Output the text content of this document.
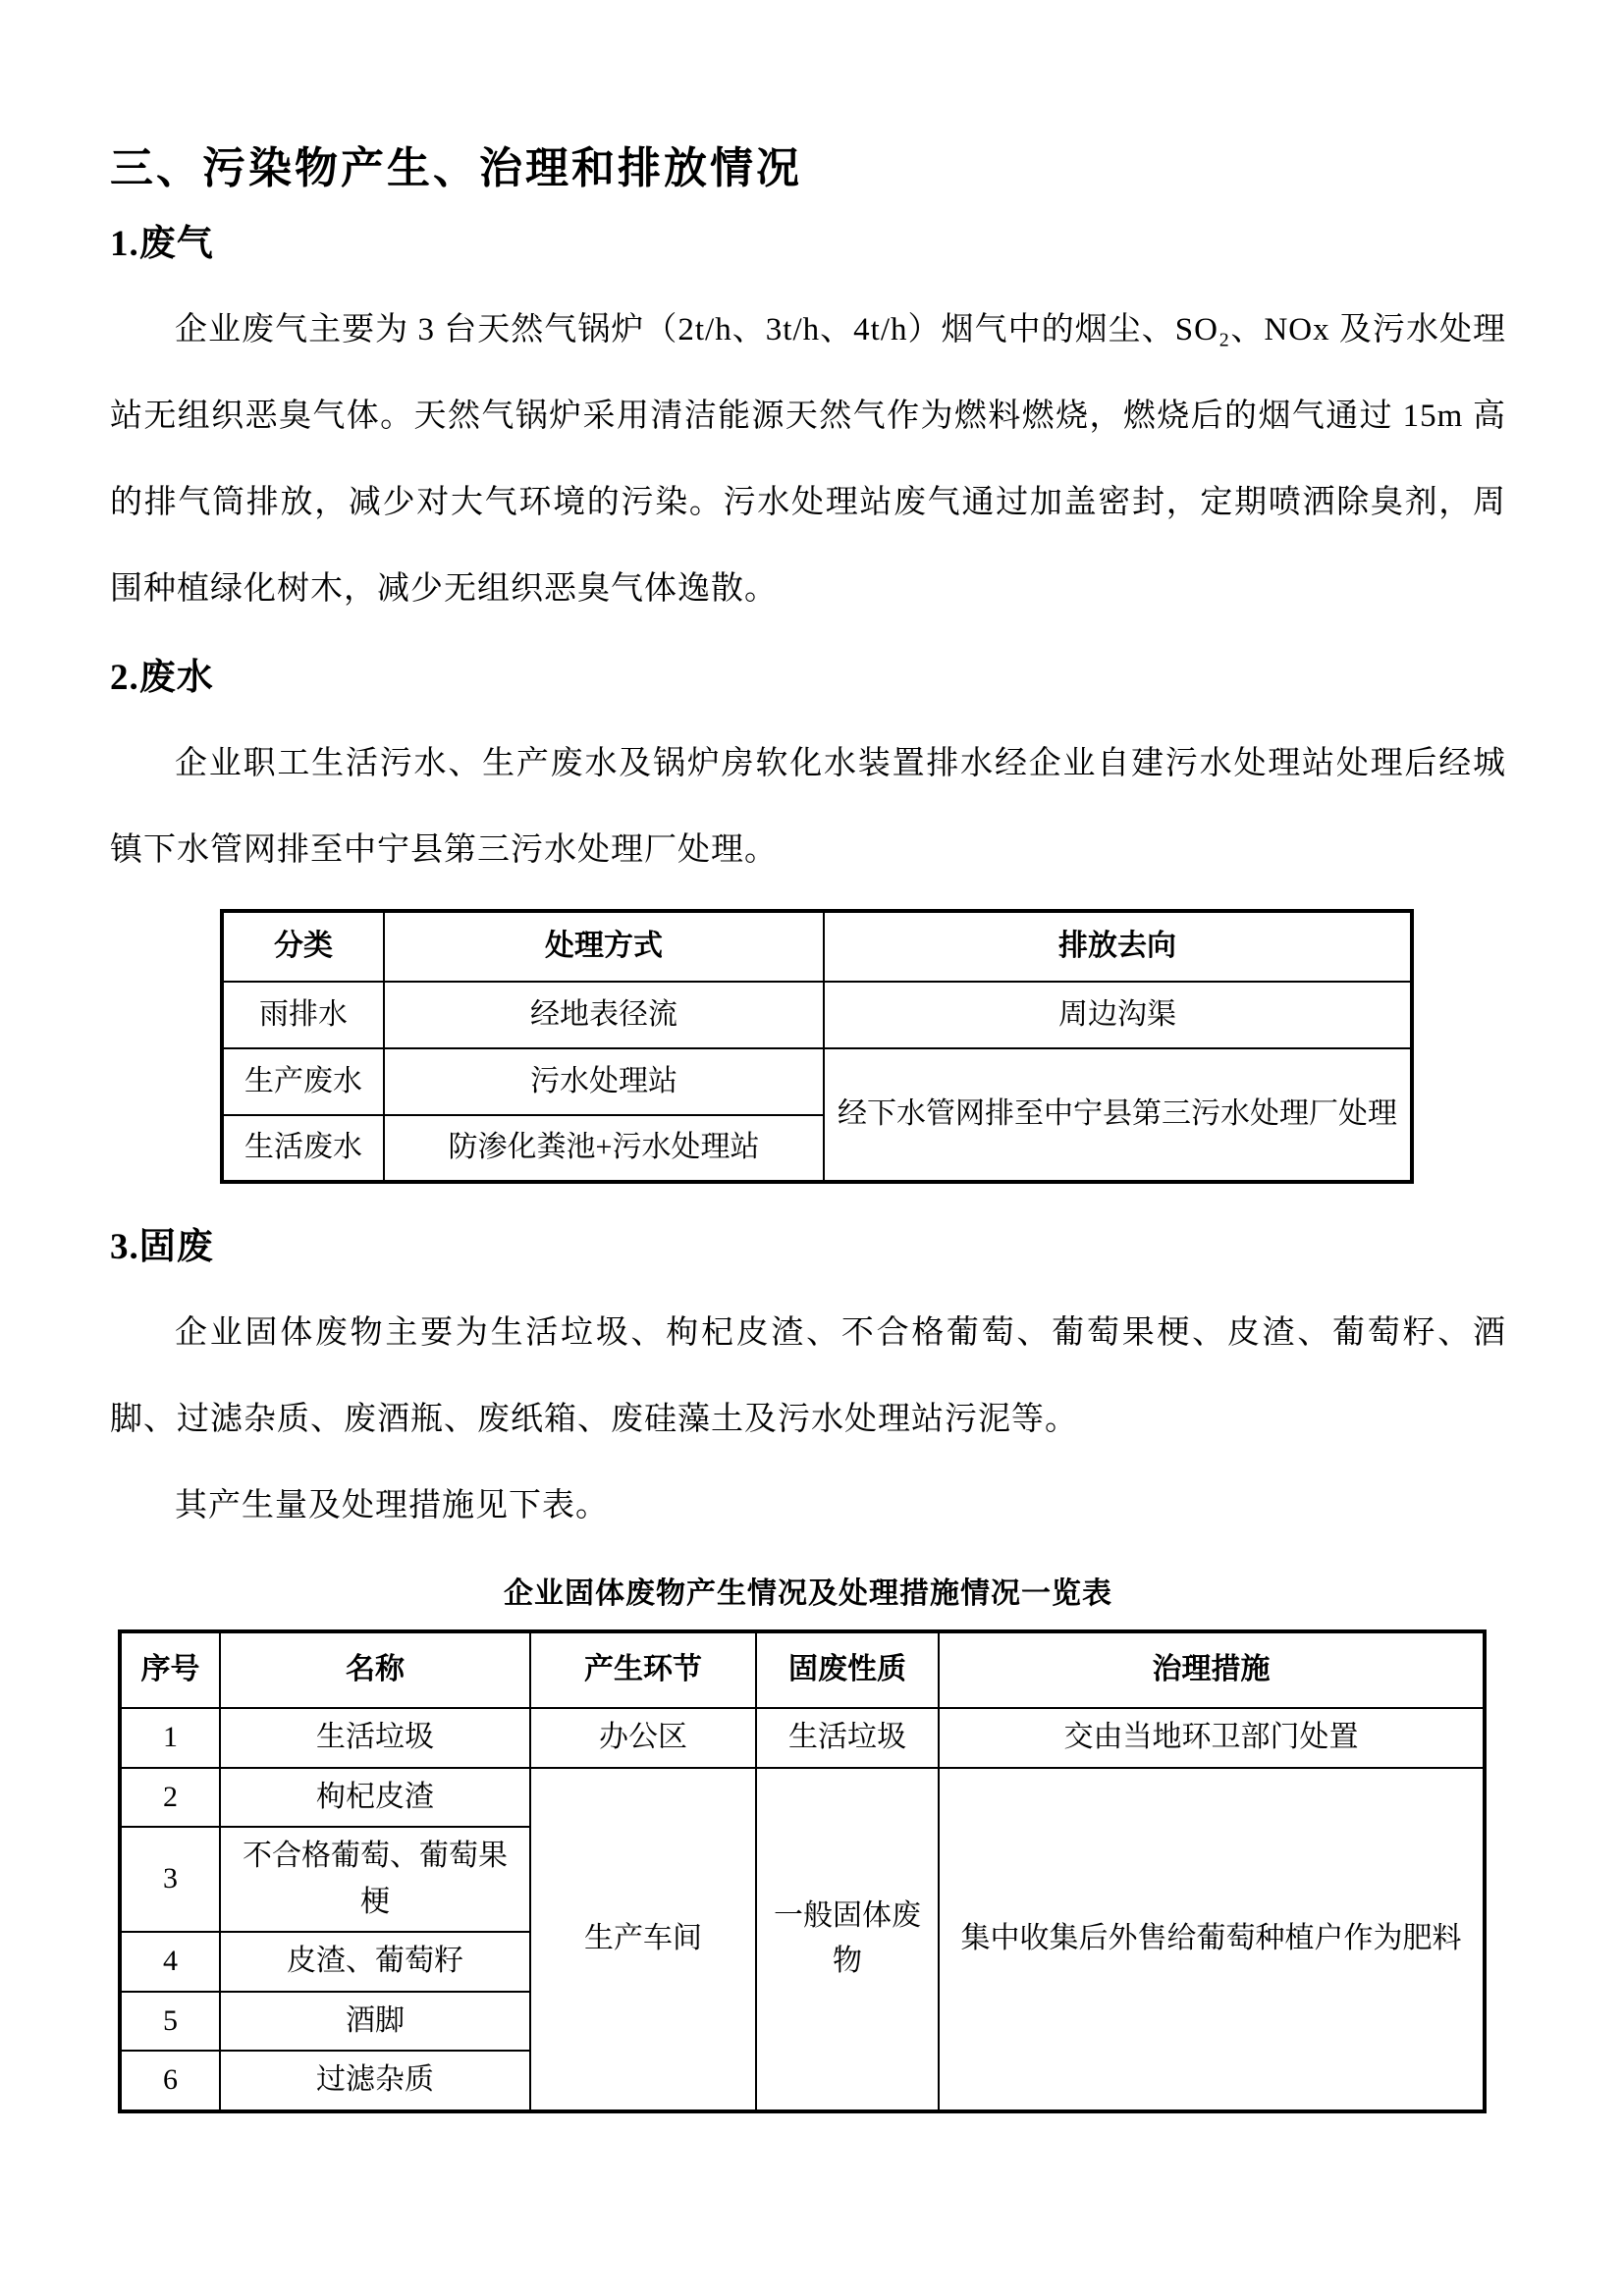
三、污染物产生、治理和排放情况
1.废气

企业废气主要为 3 台天然气锅炉（2t/h、3t/h、4t/h）烟气中的烟尘、SO₂、NOx 及污水处理站无组织恶臭气体。天然气锅炉采用清洁能源天然气作为燃料燃烧，燃烧后的烟气通过 15m 高的排气筒排放，减少对大气环境的污染。污水处理站废气通过加盖密封，定期喷洒除臭剂，周围种植绿化树木，减少无组织恶臭气体逸散。

2.废水

企业职工生活污水、生产废水及锅炉房软化水装置排水经企业自建污水处理站处理后经城镇下水管网排至中宁县第三污水处理厂处理。

分类	处理方式	排放去向
雨排水	经地表径流	周边沟渠
生产废水	污水处理站	经下水管网排至中宁县第三污水处理厂处理
生活废水	防渗化粪池+污水处理站	
3.固废

企业固体废物主要为生活垃圾、枸杞皮渣、不合格葡萄、葡萄果梗、皮渣、葡萄籽、酒脚、过滤杂质、废酒瓶、废纸箱、废硅藻土及污水处理站污泥等。

其产生量及处理措施见下表。

企业固体废物产生情况及处理措施情况一览表
序号	名称	产生环节	固废性质	治理措施
1	生活垃圾	办公区	生活垃圾	交由当地环卫部门处置
2	枸杞皮渣	生产车间	一般固体废物	集中收集后外售给葡萄种植户作为肥料
3	不合格葡萄、葡萄果梗			
4	皮渣、葡萄籽			
5	酒脚			
6	过滤杂质			
